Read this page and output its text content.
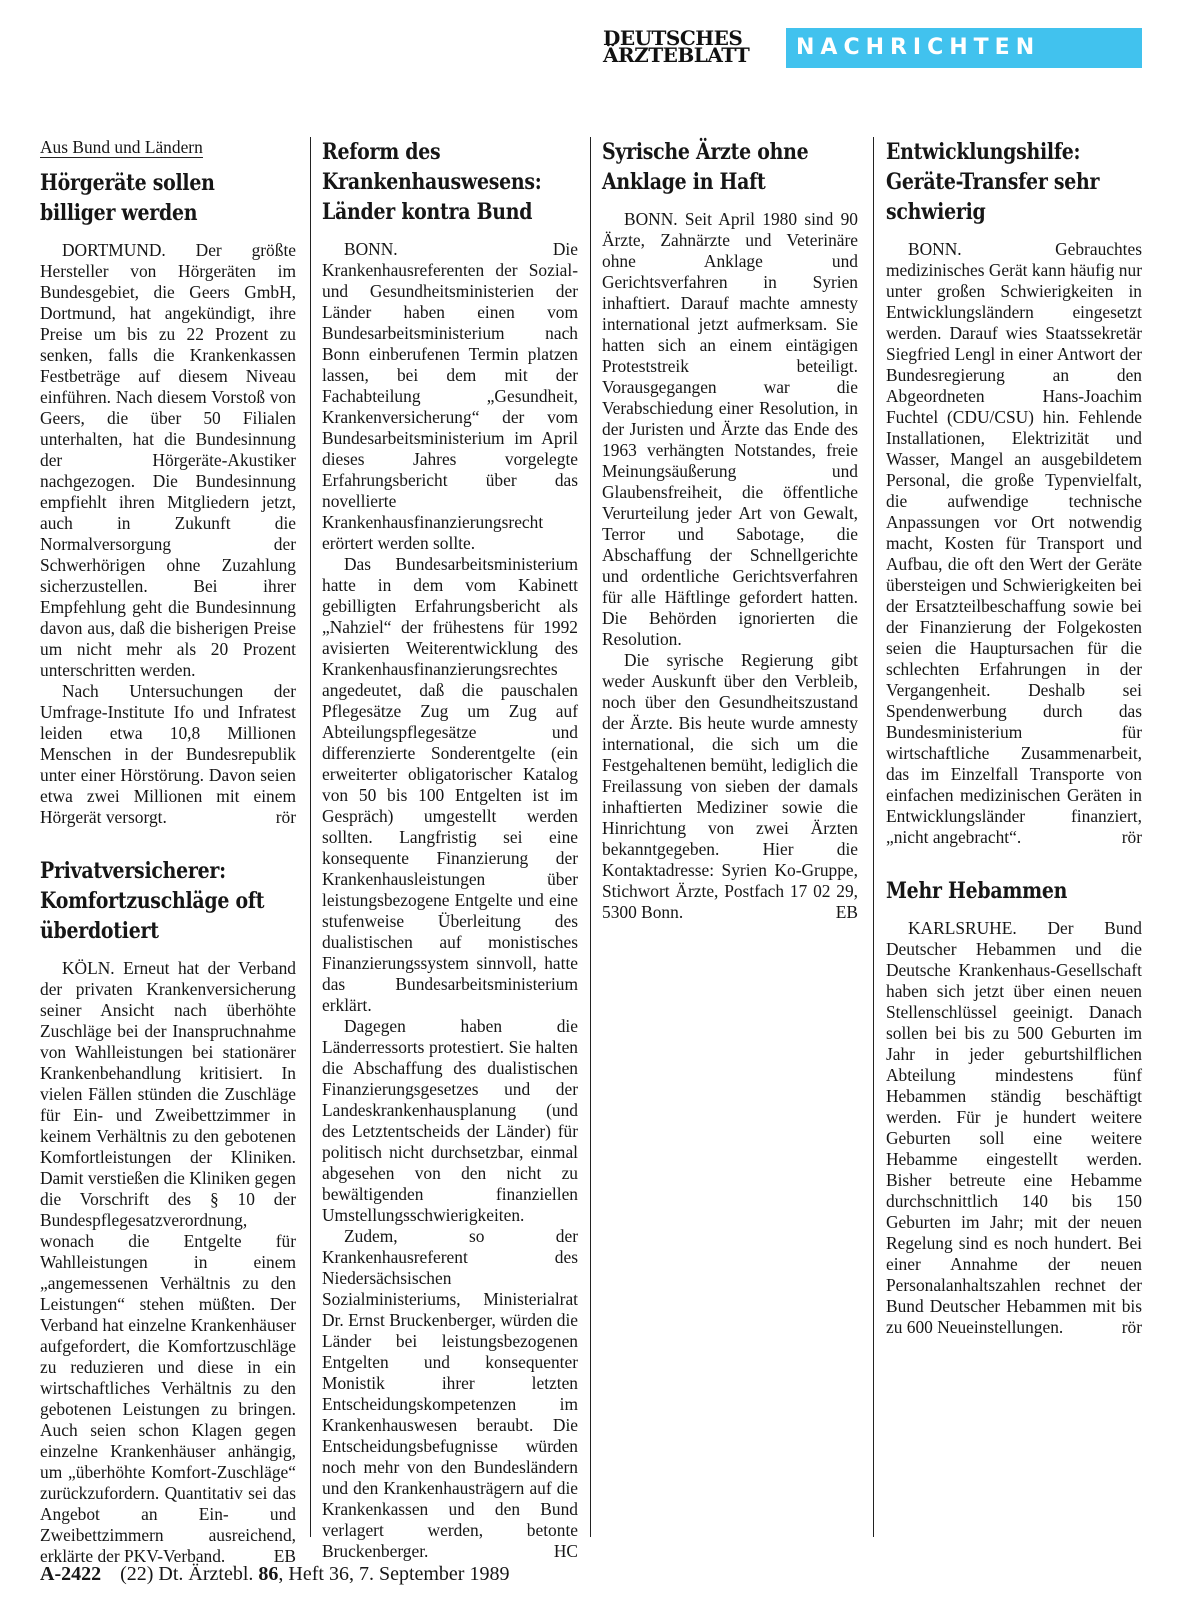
DEUTSCHES
ÄRZTEBLATT	NACHRICHTEN
Aus Bund und Ländern
Hörgeräte sollen billiger werden

DORTMUND. Der größte Hersteller von Hörgeräten im Bundesgebiet, die Geers GmbH, Dortmund, hat angekündigt, ihre Preise um bis zu 22 Prozent zu senken, falls die Krankenkassen Festbeträge auf diesem Niveau einführen. Nach diesem Vorstoß von Geers, die über 50 Filialen unterhalten, hat die Bundesinnung der Hörgeräte-Akustiker nachgezogen. Die Bundesinnung empfiehlt ihren Mitgliedern jetzt, auch in Zukunft die Normalversorgung der Schwerhörigen ohne Zuzahlung sicherzustellen. Bei ihrer Empfehlung geht die Bundesinnung davon aus, daß die bisherigen Preise um nicht mehr als 20 Prozent unterschritten werden.

Nach Untersuchungen der Umfrage-Institute Ifo und Infratest leiden etwa 10,8 Millionen Menschen in der Bundesrepublik unter einer Hörstörung. Davon seien etwa zwei Millionen mit einem Hörgerät versorgt.	rör

Privatversicherer: Komfortzuschläge oft überdotiert

KÖLN. Erneut hat der Verband der privaten Krankenversicherung seiner Ansicht nach überhöhte Zuschläge bei der Inanspruchnahme von Wahlleistungen bei stationärer Krankenbehandlung kritisiert. In vielen Fällen stünden die Zuschläge für Ein- und Zweibettzimmer in keinem Verhältnis zu den gebotenen Komfortleistungen der Kliniken. Damit verstießen die Kliniken gegen die Vorschrift des § 10 der Bundespflegesatzverordnung, wonach die Entgelte für Wahlleistungen in einem „angemessenen Verhältnis zu den Leistungen“ stehen müßten. Der Verband hat einzelne Krankenhäuser aufgefordert, die Komfortzuschläge zu reduzieren und diese in ein wirtschaftliches Verhältnis zu den gebotenen Leistungen zu bringen. Auch seien schon Klagen gegen einzelne Krankenhäuser anhängig, um „überhöhte Komfort-Zuschläge“ zurückzufordern. Quantitativ sei das Angebot an Ein- und Zweibettzimmern ausreichend, erklärte der PKV-Verband.	EB

Reform des Krankenhauswesens: Länder kontra Bund

BONN. Die Krankenhausreferenten der Sozial- und Gesundheitsministerien der Länder haben einen vom Bundesarbeitsministerium nach Bonn einberufenen Termin platzen lassen, bei dem mit der Fachabteilung „Gesundheit, Krankenversicherung“ der vom Bundesarbeitsministerium im April dieses Jahres vorgelegte Erfahrungsbericht über das novellierte Krankenhausfinanzierungsrecht erörtert werden sollte.

Das Bundesarbeitsministerium hatte in dem vom Kabinett gebilligten Erfahrungsbericht als „Nahziel“ der frühestens für 1992 avisierten Weiterentwicklung des Krankenhausfinanzierungsrechtes angedeutet, daß die pauschalen Pflegesätze Zug um Zug auf Abteilungspflegesätze und differenzierte Sonderentgelte (ein erweiterter obligatorischer Katalog von 50 bis 100 Entgelten ist im Gespräch) umgestellt werden sollten. Langfristig sei eine konsequente Finanzierung der Krankenhausleistungen über leistungsbezogene Entgelte und eine stufenweise Überleitung des dualistischen auf monistisches Finanzierungssystem sinnvoll, hatte das Bundesarbeitsministerium erklärt.

Dagegen haben die Länderressorts protestiert. Sie halten die Abschaffung des dualistischen Finanzierungsgesetzes und der Landeskrankenhausplanung (und des Letztentscheids der Länder) für politisch nicht durchsetzbar, einmal abgesehen von den nicht zu bewältigenden finanziellen Umstellungsschwierigkeiten.

Zudem, so der Krankenhausreferent des Niedersächsischen Sozialministeriums, Ministerialrat Dr. Ernst Bruckenberger, würden die Länder bei leistungsbezogenen Entgelten und konsequenter Monistik ihrer letzten Entscheidungskompetenzen im Krankenhauswesen beraubt. Die Entscheidungsbefugnisse würden noch mehr von den Bundesländern und den Krankenhausträgern auf die Krankenkassen und den Bund verlagert werden, betonte Bruckenberger.	HC

Syrische Ärzte ohne Anklage in Haft

BONN. Seit April 1980 sind 90 Ärzte, Zahnärzte und Veterinäre ohne Anklage und Gerichtsverfahren in Syrien inhaftiert. Darauf machte amnesty international jetzt aufmerksam. Sie hatten sich an einem eintägigen Proteststreik beteiligt. Vorausgegangen war die Verabschiedung einer Resolution, in der Juristen und Ärzte das Ende des 1963 verhängten Notstandes, freie Meinungsäußerung und Glaubensfreiheit, die öffentliche Verurteilung jeder Art von Gewalt, Terror und Sabotage, die Abschaffung der Schnellgerichte und ordentliche Gerichtsverfahren für alle Häftlinge gefordert hatten. Die Behörden ignorierten die Resolution.

Die syrische Regierung gibt weder Auskunft über den Verbleib, noch über den Gesundheitszustand der Ärzte. Bis heute wurde amnesty international, die sich um die Festgehaltenen bemüht, lediglich die Freilassung von sieben der damals inhaftierten Mediziner sowie die Hinrichtung von zwei Ärzten bekanntgegeben. Hier die Kontaktadresse: Syrien Ko-Gruppe, Stichwort Ärzte, Postfach 17 02 29, 5300 Bonn.	EB

Entwicklungshilfe: Geräte-Transfer sehr schwierig

BONN. Gebrauchtes medizinisches Gerät kann häufig nur unter großen Schwierigkeiten in Entwicklungsländern eingesetzt werden. Darauf wies Staatssekretär Siegfried Lengl in einer Antwort der Bundesregierung an den Abgeordneten Hans-Joachim Fuchtel (CDU/CSU) hin. Fehlende Installationen, Elektrizität und Wasser, Mangel an ausgebildetem Personal, die große Typenvielfalt, die aufwendige technische Anpassungen vor Ort notwendig macht, Kosten für Transport und Aufbau, die oft den Wert der Geräte übersteigen und Schwierigkeiten bei der Ersatzteilbeschaffung sowie bei der Finanzierung der Folgekosten seien die Hauptursachen für die schlechten Erfahrungen in der Vergangenheit. Deshalb sei Spendenwerbung durch das Bundesministerium für wirtschaftliche Zusammenarbeit, das im Einzelfall Transporte von einfachen medizinischen Geräten in Entwicklungsländer finanziert, „nicht angebracht“.	rör

Mehr Hebammen

KARLSRUHE. Der Bund Deutscher Hebammen und die Deutsche Krankenhaus-Gesellschaft haben sich jetzt über einen neuen Stellenschlüssel geeinigt. Danach sollen bei bis zu 500 Geburten im Jahr in jeder geburtshilflichen Abteilung mindestens fünf Hebammen ständig beschäftigt werden. Für je hundert weitere Geburten soll eine weitere Hebamme eingestellt werden. Bisher betreute eine Hebamme durchschnittlich 140 bis 150 Geburten im Jahr; mit der neuen Regelung sind es noch hundert. Bei einer Annahme der neuen Personalanhaltszahlen rechnet der Bund Deutscher Hebammen mit bis zu 600 Neueinstellungen.	rör

A-2422 (22) Dt. Ärztebl. 86, Heft 36, 7. September 1989
